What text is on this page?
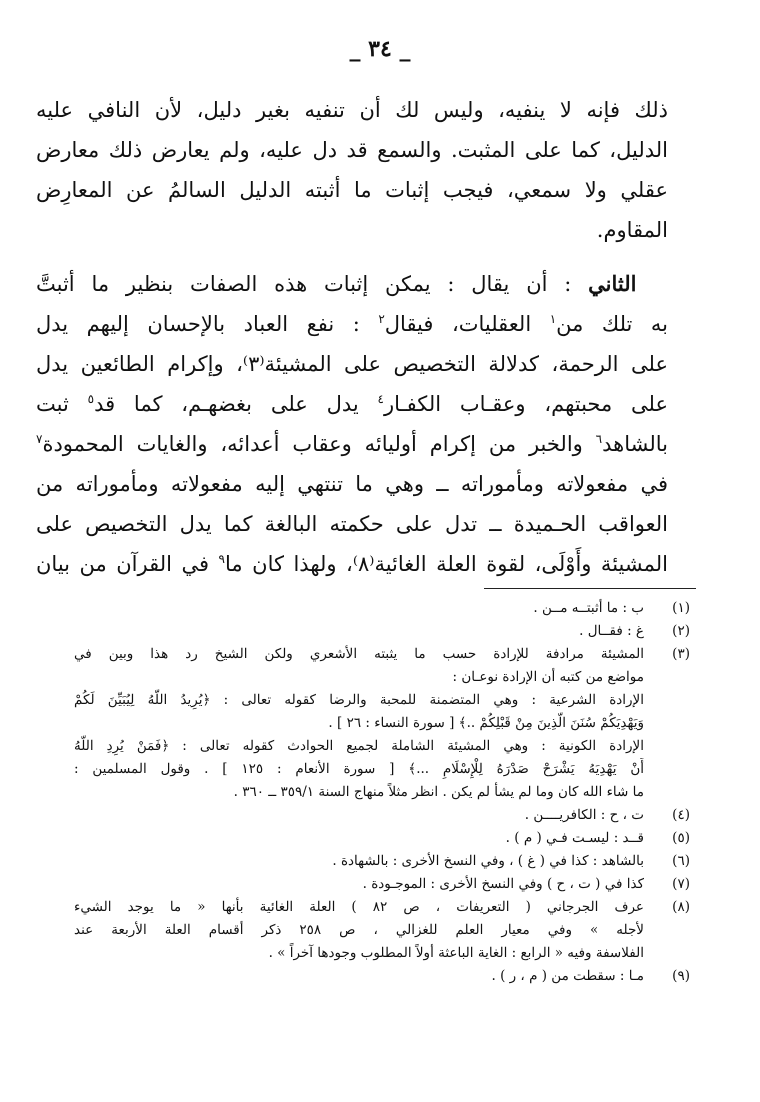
_ ٣٤ _
ذلك فإنه لا ينفيه، وليس لك أن تنفيه بغير دليل، لأن النافي عليه
الدليل، كما على المثبت. والسمع قد دل عليه، ولم يعارض ذلك معارض
عقلي ولا سمعي، فيجب إثبات ما أثبته الدليل السالمُ عن المعارِض
المقاوم.
  الثاني : أن يقال : يمكن إثبات هذه الصفات بنظير ما أثبتَّ
به تلك من$^١$ العقليات، فيقال$^٢$ : نفع العباد بالإحسان إليهم يدل
على الرحمة، كدلالة التخصيص على المشيئة⁽٣⁾، وإكرام الطائعين يدل
على محبتهم، وعقـاب الكفـار$^٤$ يدل على بغضهـم، كما قد$^٥$ ثبت
بالشاهد$^٦$ والخبر من إكرام أوليائه وعقاب أعدائه، والغايات المحمودة$^٧$
في مفعولاته ومأموراته ــ وهي ما تنتهي إليه مفعولاته ومأموراته من
العواقب الحـميدة ــ تدل على حكمته البالغة كما يدل التخصيص على
المشيئة وأَوْلَى، لقوة العلة الغائية⁽٨⁾، ولهذا كان ما$^٩$ في القرآن من بيان
(١)
ب : ما أثبتــه مــن .
(٢)
غ : فقــال .
(٣)
المشيئة مرادفة للإرادة حسب ما يثبته الأشعري ولكن الشيخ رد هذا وبين في
مواضع من كتبه أن الإرادة نوعـان :
الإرادة الشرعية : وهي المتضمنة للمحبة والرضا كقوله تعالى : ﴿يُرِيدُ اللَّهُ لِيُبَيِّنَ لَكُمْ
وَيَهْدِيَكُمْ سُنَنَ الَّذِينَ مِنْ قَبْلِكُمْ ..﴾ [ سورة النساء : ٢٦ ] .
الإرادة الكونية : وهي المشيئة الشاملة لجميع الحوادث كقوله تعالى : ﴿فَمَنْ يُرِدِ اللَّهُ
أَنْ يَهْدِيَهُ يَشْرَحْ صَدْرَهُ لِلْإِسْلَامِ ...﴾ [ سورة الأنعام : ١٢٥ ] . وقول المسلمين :
ما شاء الله كان وما لم يشأ لم يكن . انظر مثلاً منهاج السنة ٣٥٩/١ ــ ٣٦٠ .
(٤)
ت ، ح : الكافريــــن .
(٥)
قــد : ليسـت فـي ( م ) .
(٦)
بالشاهد : كذا في ( غ ) ، وفي النسخ الأخرى : بالشهادة .
(٧)
كذا في ( ت ، ح ) وفي النسخ الأخرى : الموجـودة .
(٨)
عرف الجرجاني ( التعريفات ، ص ٨٢ ) العلة الغائية بأنها « ما يوجد الشيء
لأجله » وفي معيار العلم للغزالي ، ص ٢٥٨ ذكر أقسام العلة الأربعة عند
الفلاسفة وفيه « الرابع : الغاية الباعثة أولاً المطلوب وجودها آخراً » .
(٩)
مـا : سقطت من ( م ، ر ) .
